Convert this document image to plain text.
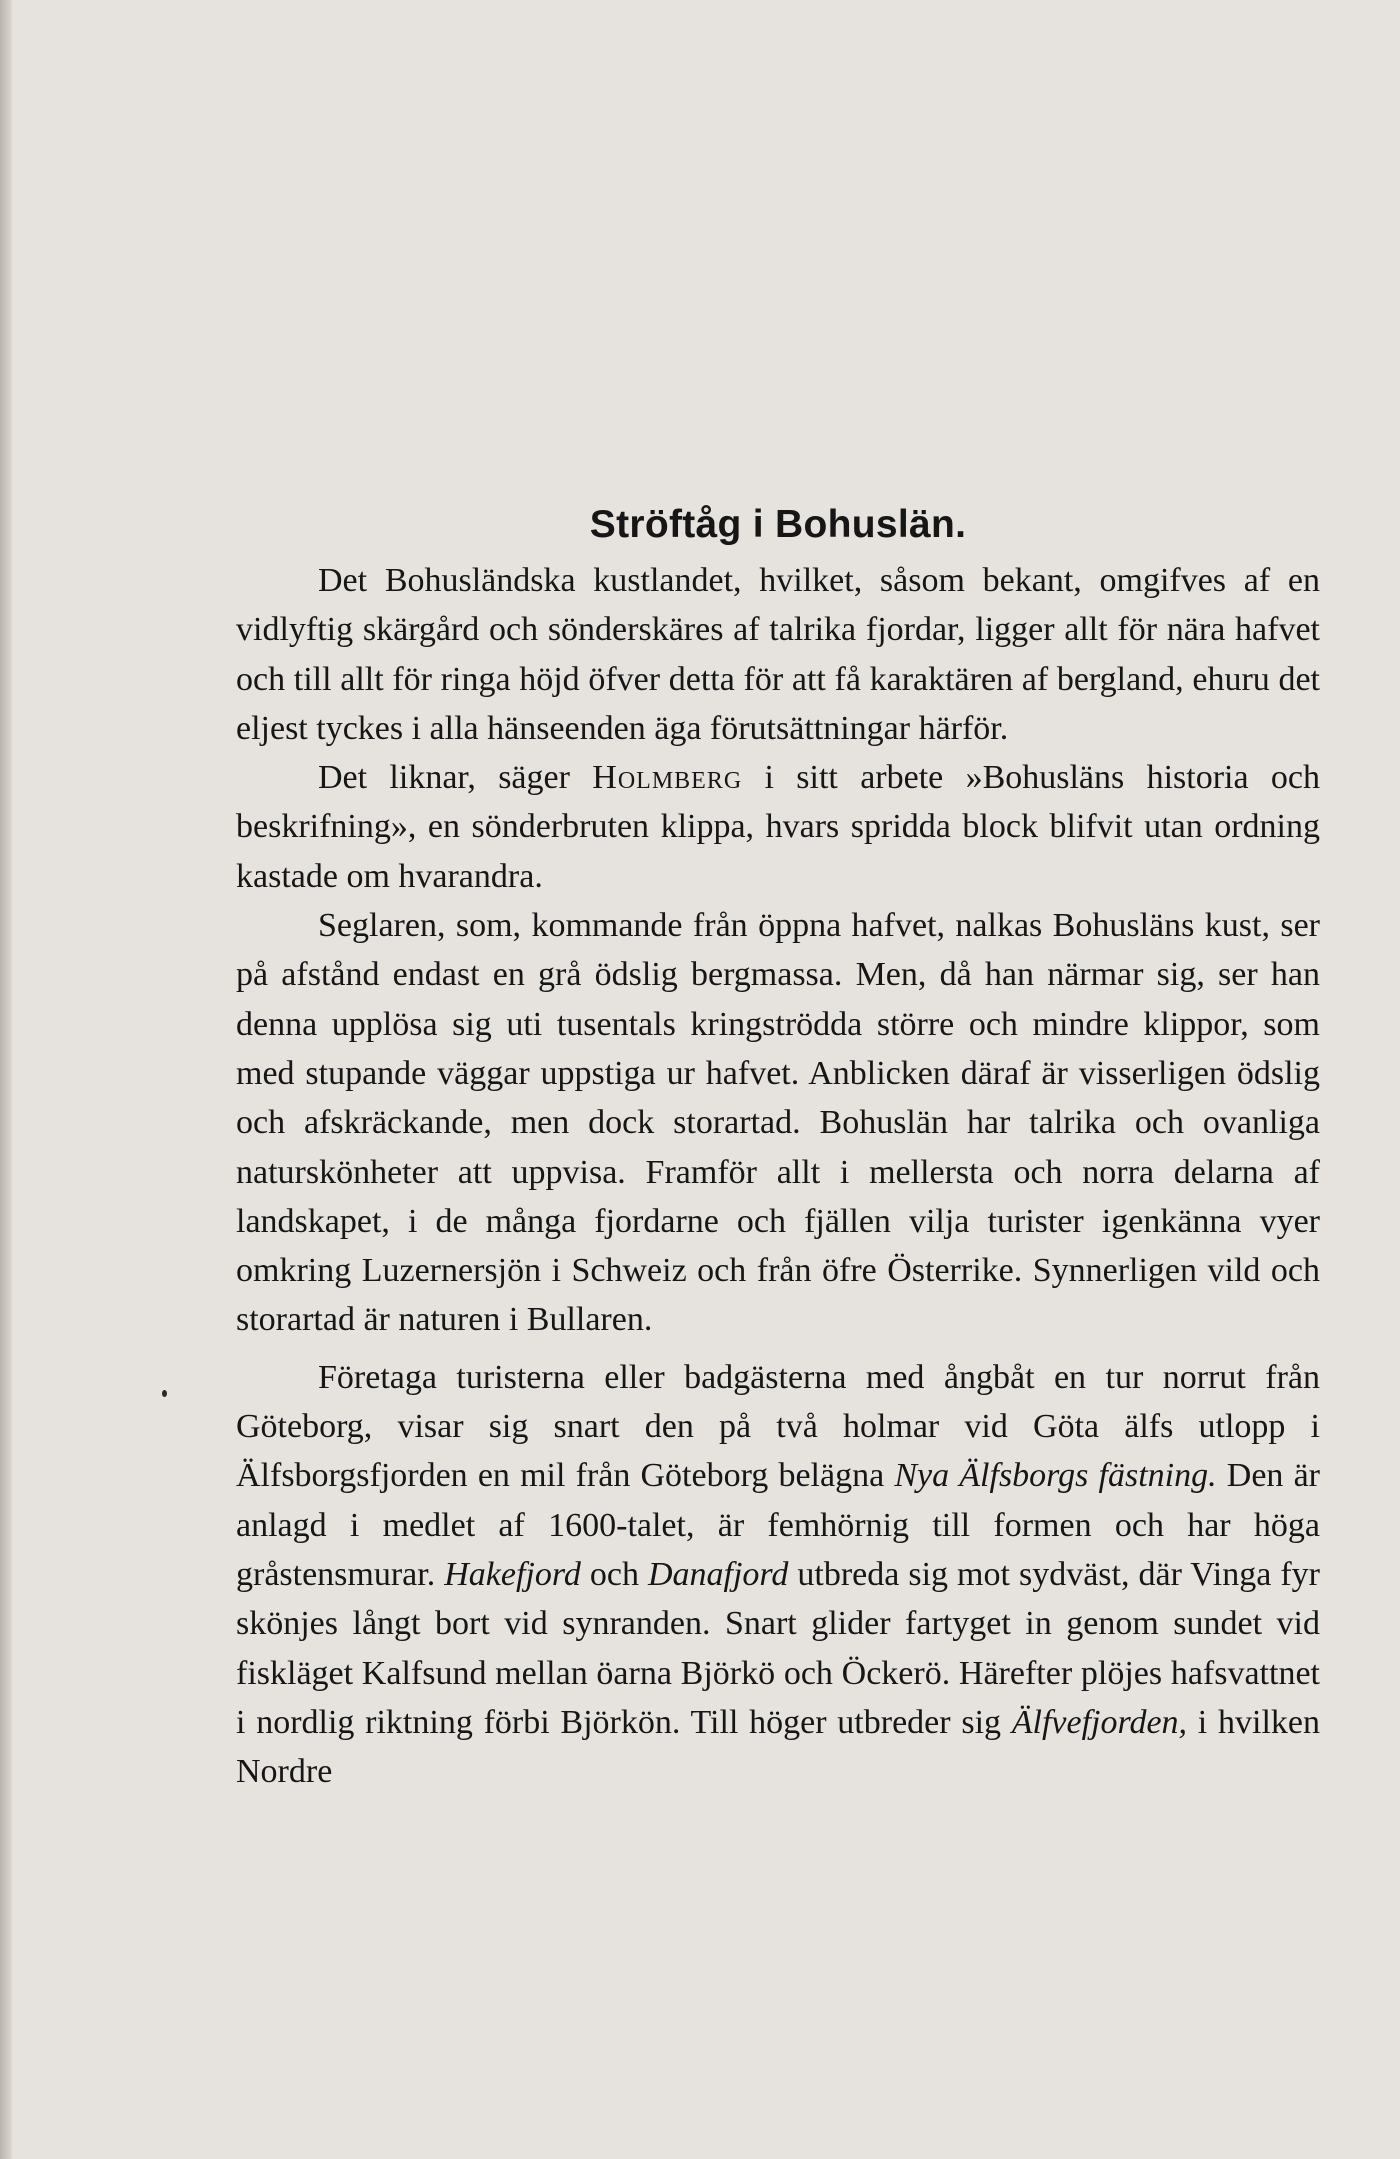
Ströftåg i Bohuslän.

Det Bohusländska kustlandet, hvilket, såsom bekant, omgifves af en vidlyftig skärgård och sönderskäres af talrika fjordar, ligger allt för nära hafvet och till allt för ringa höjd öfver detta för att få karaktären af bergland, ehuru det eljest tyckes i alla hänseenden äga förutsättningar härför.

Det liknar, säger Holmberg i sitt arbete »Bohusläns historia och beskrifning», en sönderbruten klippa, hvars spridda block blifvit utan ordning kastade om hvarandra.

Seglaren, som, kommande från öppna hafvet, nalkas Bohusläns kust, ser på afstånd endast en grå ödslig bergmassa. Men, då han närmar sig, ser han denna upplösa sig uti tusentals kringströdda större och mindre klippor, som med stupande väggar uppstiga ur hafvet. Anblicken däraf är visserligen ödslig och afskräckande, men dock storartad. Bohuslän har talrika och ovanliga naturskönheter att uppvisa. Framför allt i mellersta och norra delarna af landskapet, i de många fjordarne och fjällen vilja turister igenkänna vyer omkring Luzernersjön i Schweiz och från öfre Österrike. Synnerligen vild och storartad är naturen i Bullaren.

Företaga turisterna eller badgästerna med ångbåt en tur norrut från Göteborg, visar sig snart den på två holmar vid Göta älfs utlopp i Älfsborgsfjorden en mil från Göteborg belägna Nya Älfsborgs fästning. Den är anlagd i medlet af 1600-talet, är femhörnig till formen och har höga gråstensmurar. Hakefjord och Danafjord utbreda sig mot sydväst, där Vinga fyr skönjes långt bort vid synranden. Snart glider fartyget in genom sundet vid fiskläget Kalfsund mellan öarna Björkö och Öckerö. Härefter plöjes hafsvattnet i nordlig riktning förbi Björkön. Till höger utbreder sig Älfvefjorden, i hvilken Nordre
